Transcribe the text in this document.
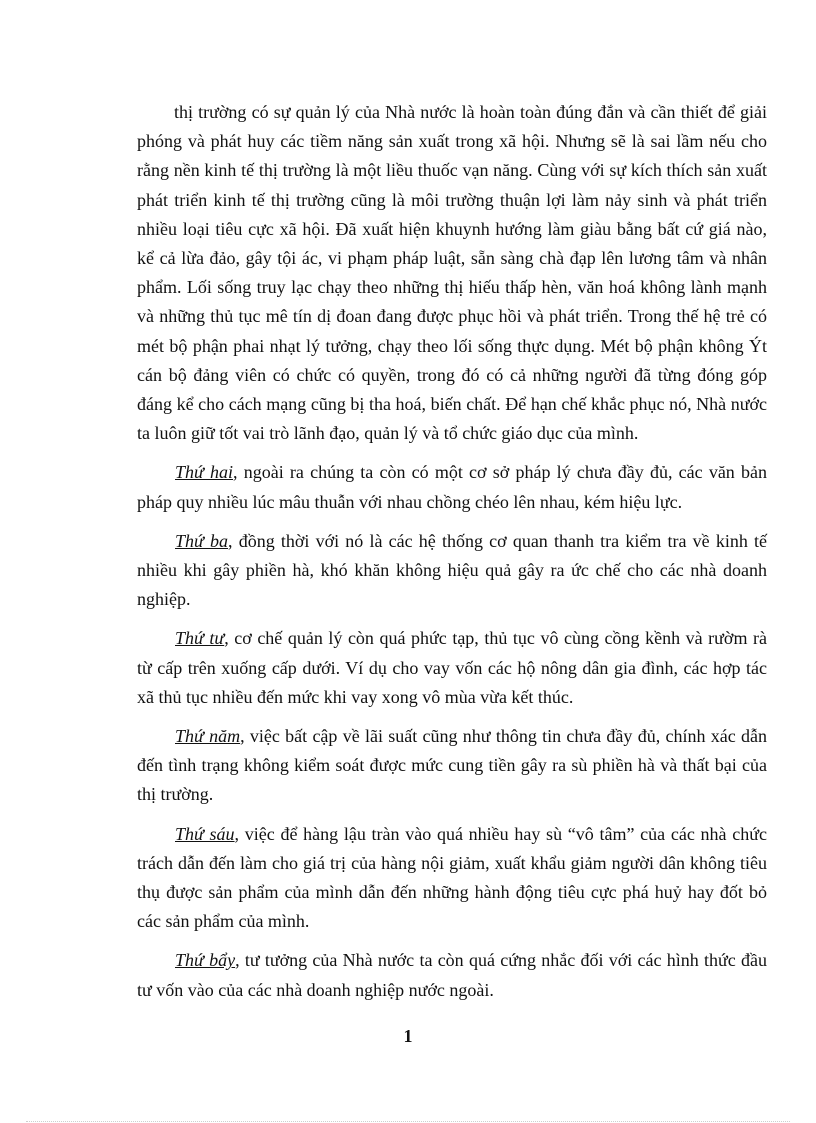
thị trường có sự quản lý của Nhà nước là hoàn toàn đúng đắn và cần thiết để giải phóng và phát huy các tiềm năng sản xuất trong xã hội. Nhưng sẽ là sai lầm nếu cho rằng nền kinh tế thị trường là một liều thuốc vạn năng. Cùng với sự kích thích sản xuất phát triển kinh tế thị trường cũng là môi trường thuận lợi làm nảy sinh và phát triển nhiều loại tiêu cực xã hội. Đã xuất hiện khuynh hướng làm giàu bằng bất cứ giá nào, kể cả lừa đảo, gây tội ác, vi phạm pháp luật, sẵn sàng chà đạp lên lương tâm và nhân phẩm. Lối sống truy lạc chạy theo những thị hiếu thấp hèn, văn hoá không lành mạnh và những thủ tục mê tín dị đoan đang được phục hồi và phát triển. Trong thế hệ trẻ có mét bộ phận phai nhạt lý tưởng, chạy theo lối sống thực dụng. Mét bộ phận không Ýt cán bộ đảng viên có chức có quyền, trong đó có cả những người đã từng đóng góp đáng kể cho cách mạng cũng bị tha hoá, biến chất. Để hạn chế khắc phục nó, Nhà nước ta luôn giữ tốt vai trò lãnh đạo, quản lý và tổ chức giáo dục của mình.

Thứ hai, ngoài ra chúng ta còn có một cơ sở pháp lý chưa đầy đủ, các văn bản pháp quy nhiều lúc mâu thuẫn với nhau chồng chéo lên nhau, kém hiệu lực.

Thứ ba, đồng thời với nó là các hệ thống cơ quan thanh tra kiểm tra về kinh tế nhiều khi gây phiền hà, khó khăn không hiệu quả gây ra ức chế cho các nhà doanh nghiệp.

Thứ tư, cơ chế quản lý còn quá phức tạp, thủ tục vô cùng cồng kềnh và rườm rà từ cấp trên xuống cấp dưới. Ví dụ cho vay vốn các hộ nông dân gia đình, các hợp tác xã thủ tục nhiều đến mức khi vay xong vô mùa vừa kết thúc.

Thứ năm, việc bất cập về lãi suất cũng như thông tin chưa đầy đủ, chính xác dẫn đến tình trạng không kiểm soát được mức cung tiền gây ra sù phiền hà và thất bại của thị trường.

Thứ sáu, việc để hàng lậu tràn vào quá nhiều hay sù “vô tâm” của các nhà chức trách dẫn đến làm cho giá trị của hàng nội giảm, xuất khẩu giảm người dân không tiêu thụ được sản phẩm của mình dẫn đến những hành động tiêu cực phá huỷ hay đốt bỏ các sản phẩm của mình.

Thứ bẩy, tư tưởng của Nhà nước ta còn quá cứng nhắc đối với các hình thức đầu tư vốn vào của các nhà doanh nghiệp nước ngoài.

1
